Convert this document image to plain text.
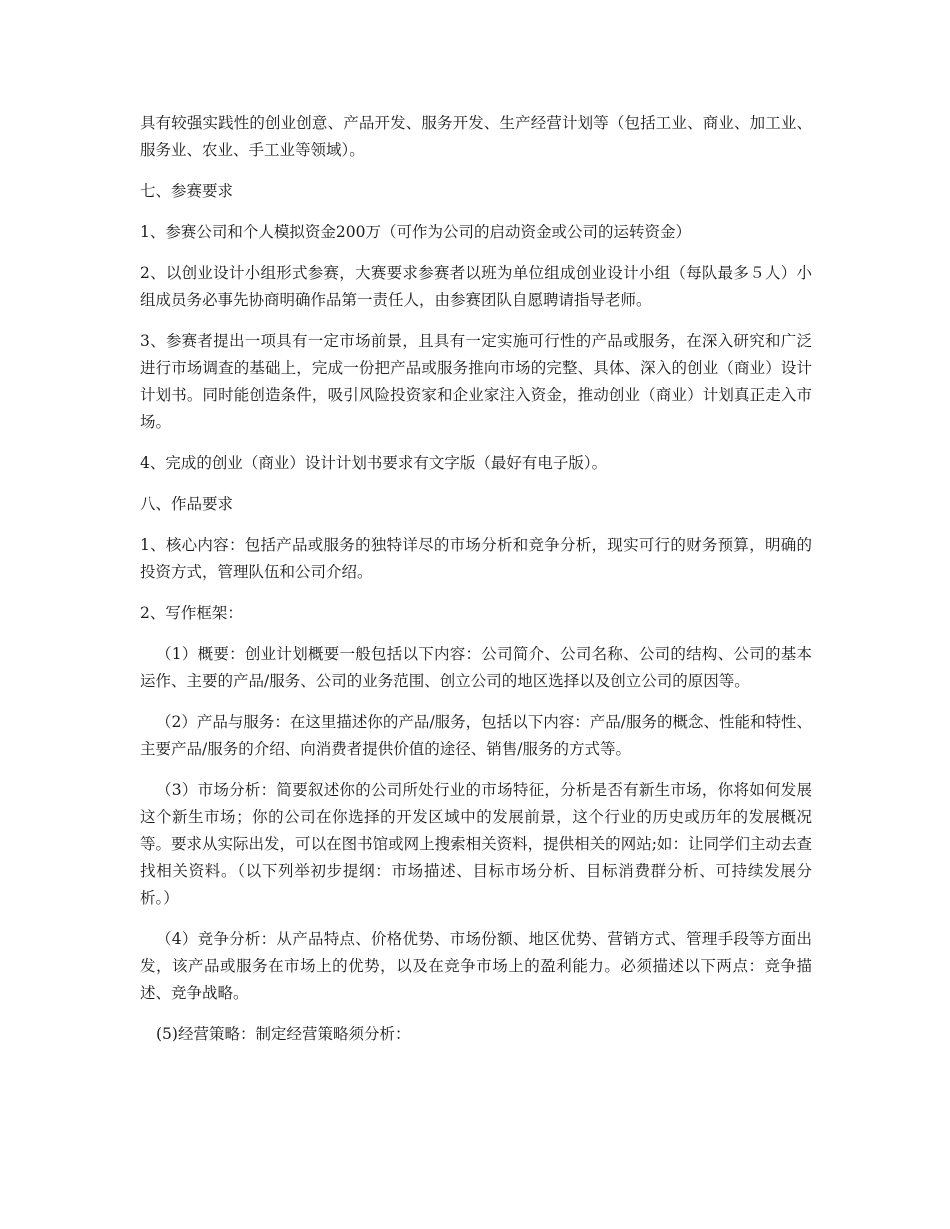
具有较强实践性的创业创意、产品开发、服务开发、生产经营计划等（包括工业、商业、加工业、服务业、农业、手工业等领域）。

七、参赛要求

1、参赛公司和个人模拟资金200万（可作为公司的启动资金或公司的运转资金）

2、以创业设计小组形式参赛，大赛要求参赛者以班为单位组成创业设计小组（每队最多５人）小组成员务必事先协商明确作品第一责任人，由参赛团队自愿聘请指导老师。

3、参赛者提出一项具有一定市场前景，且具有一定实施可行性的产品或服务，在深入研究和广泛进行市场调查的基础上，完成一份把产品或服务推向市场的完整、具体、深入的创业（商业）设计计划书。同时能创造条件，吸引风险投资家和企业家注入资金，推动创业（商业）计划真正走入市场。

4、完成的创业（商业）设计计划书要求有文字版（最好有电子版）。

八、作品要求

1、核心内容：包括产品或服务的独特详尽的市场分析和竞争分析，现实可行的财务预算，明确的投资方式，管理队伍和公司介绍。

2、写作框架：

（1）概要：创业计划概要一般包括以下内容：公司简介、公司名称、公司的结构、公司的基本运作、主要的产品/服务、公司的业务范围、创立公司的地区选择以及创立公司的原因等。

（2）产品与服务：在这里描述你的产品/服务，包括以下内容：产品/服务的概念、性能和特性、主要产品/服务的介绍、向消费者提供价值的途径、销售/服务的方式等。

（3）市场分析：简要叙述你的公司所处行业的市场特征，分析是否有新生市场，你将如何发展这个新生市场；你的公司在你选择的开发区域中的发展前景，这个行业的历史或历年的发展概况等。要求从实际出发，可以在图书馆或网上搜索相关资料，提供相关的网站;如：让同学们主动去查找相关资料。（以下列举初步提纲：市场描述、目标市场分析、目标消费群分析、可持续发展分析。）

（4）竞争分析：从产品特点、价格优势、市场份额、地区优势、营销方式、管理手段等方面出发，该产品或服务在市场上的优势，以及在竞争市场上的盈利能力。必须描述以下两点：竞争描述、竞争战略。

(5)经营策略：制定经营策略须分析：
